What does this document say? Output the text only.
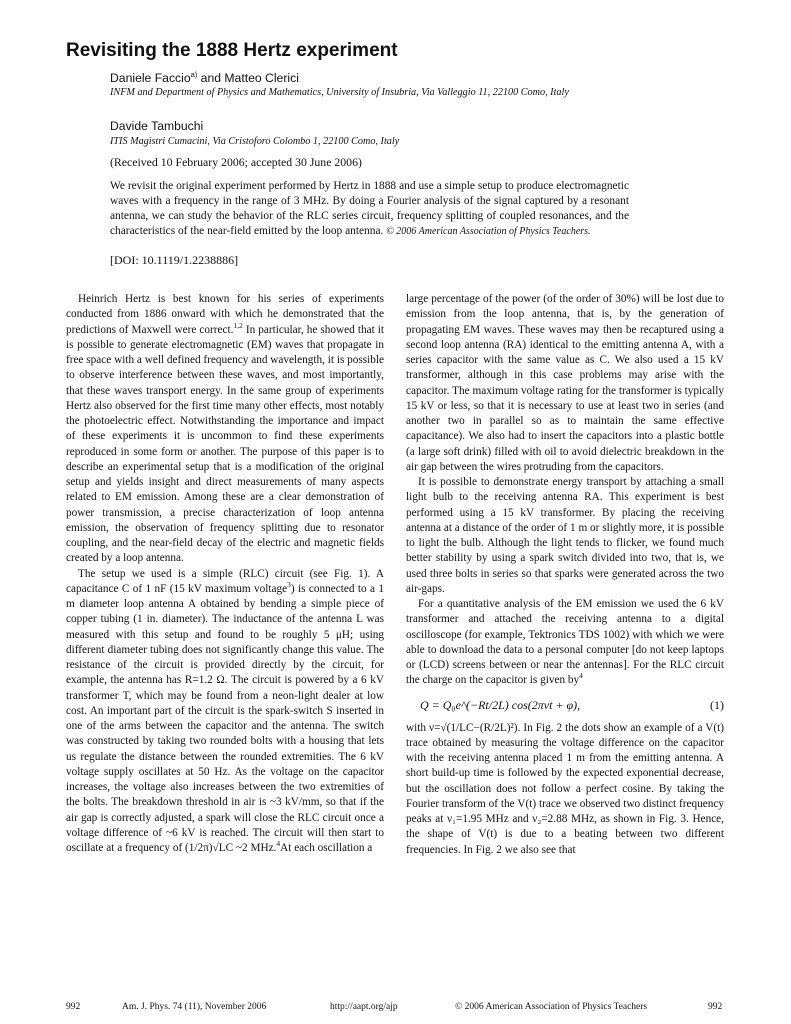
Revisiting the 1888 Hertz experiment

Daniele Faccio$^{a)}$ and Matteo Clerici

INFM and Department of Physics and Mathematics, University of Insubria, Via Valleggio 11, 22100 Como, Italy

Davide Tambuchi

ITIS Magistri Cumacini, Via Cristoforo Colombo 1, 22100 Como, Italy

(Received 10 February 2006; accepted 30 June 2006)

We revisit the original experiment performed by Hertz in 1888 and use a simple setup to produce electromagnetic waves with a frequency in the range of 3 MHz. By doing a Fourier analysis of the signal captured by a resonant antenna, we can study the behavior of the RLC series circuit, frequency splitting of coupled resonances, and the characteristics of the near-field emitted by the loop antenna. © 2006 American Association of Physics Teachers.

[DOI: 10.1119/1.2238886]

Heinrich Hertz is best known for his series of experiments conducted from 1886 onward with which he demonstrated that the predictions of Maxwell were correct.$^{1,2}$ In particular, he showed that it is possible to generate electromagnetic (EM) waves that propagate in free space with a well defined frequency and wavelength, it is possible to observe interference between these waves, and most importantly, that these waves transport energy. In the same group of experiments Hertz also observed for the first time many other effects, most notably the photoelectric effect. Notwithstanding the importance and impact of these experiments it is uncommon to find these experiments reproduced in some form or another. The purpose of this paper is to describe an experimental setup that is a modification of the original setup and yields insight and direct measurements of many aspects related to EM emission. Among these are a clear demonstration of power transmission, a precise characterization of loop antenna emission, the observation of frequency splitting due to resonator coupling, and the near-field decay of the electric and magnetic fields created by a loop antenna.

The setup we used is a simple (RLC) circuit (see Fig. 1). A capacitance C of 1 nF (15 kV maximum voltage$^3$) is connected to a 1 m diameter loop antenna A obtained by bending a simple piece of copper tubing (1 in. diameter). The inductance of the antenna L was measured with this setup and found to be roughly 5 μH; using different diameter tubing does not significantly change this value. The resistance of the circuit is provided directly by the circuit, for example, the antenna has R=1.2 Ω. The circuit is powered by a 6 kV transformer T, which may be found from a neon-light dealer at low cost. An important part of the circuit is the spark-switch S inserted in one of the arms between the capacitor and the antenna. The switch was constructed by taking two rounded bolts with a housing that lets us regulate the distance between the rounded extremities. The 6 kV voltage supply oscillates at 50 Hz. As the voltage on the capacitor increases, the voltage also increases between the two extremities of the bolts. The breakdown threshold in air is ~3 kV/mm, so that if the air gap is correctly adjusted, a spark will close the RLC circuit once a voltage difference of ~6 kV is reached. The circuit will then start to oscillate at a frequency of (1/2π)√LC ~2 MHz.$^4$At each oscillation a

large percentage of the power (of the order of 30%) will be lost due to emission from the loop antenna, that is, by the generation of propagating EM waves. These waves may then be recaptured using a second loop antenna (RA) identical to the emitting antenna A, with a series capacitor with the same value as C. We also used a 15 kV transformer, although in this case problems may arise with the capacitor. The maximum voltage rating for the transformer is typically 15 kV or less, so that it is necessary to use at least two in series (and another two in parallel so as to maintain the same effective capacitance). We also had to insert the capacitors into a plastic bottle (a large soft drink) filled with oil to avoid dielectric breakdown in the air gap between the wires protruding from the capacitors.

It is possible to demonstrate energy transport by attaching a small light bulb to the receiving antenna RA. This experiment is best performed using a 15 kV transformer. By placing the receiving antenna at a distance of the order of 1 m or slightly more, it is possible to light the bulb. Although the light tends to flicker, we found much better stability by using a spark switch divided into two, that is, we used three bolts in series so that sparks were generated across the two air-gaps.

For a quantitative analysis of the EM emission we used the 6 kV transformer and attached the receiving antenna to a digital oscilloscope (for example, Tektronics TDS 1002) with which we were able to download the data to a personal computer [do not keep laptops or (LCD) screens between or near the antennas]. For the RLC circuit the charge on the capacitor is given $by^4$

Q = Q₀e^(−Rt/2L) cos(2πνt + φ),	(1)

with ν=√(1/LC−(R/2L)²). In Fig. 2 the dots show an example of a V(t) trace obtained by measuring the voltage difference on the capacitor with the receiving antenna placed 1 m from the emitting antenna. A short build-up time is followed by the expected exponential decrease, but the oscillation does not follow a perfect cosine. By taking the Fourier transform of the V(t) trace we observed two distinct frequency peaks at ν₁=1.95 MHz and ν₂=2.88 MHz, as shown in Fig. 3. Hence, the shape of V(t) is due to a beating between two different frequencies. In Fig. 2 we also see that

992	Am. J. Phys. 74 (11), November 2006	http://aapt.org/ajp	© 2006 American Association of Physics Teachers	992
